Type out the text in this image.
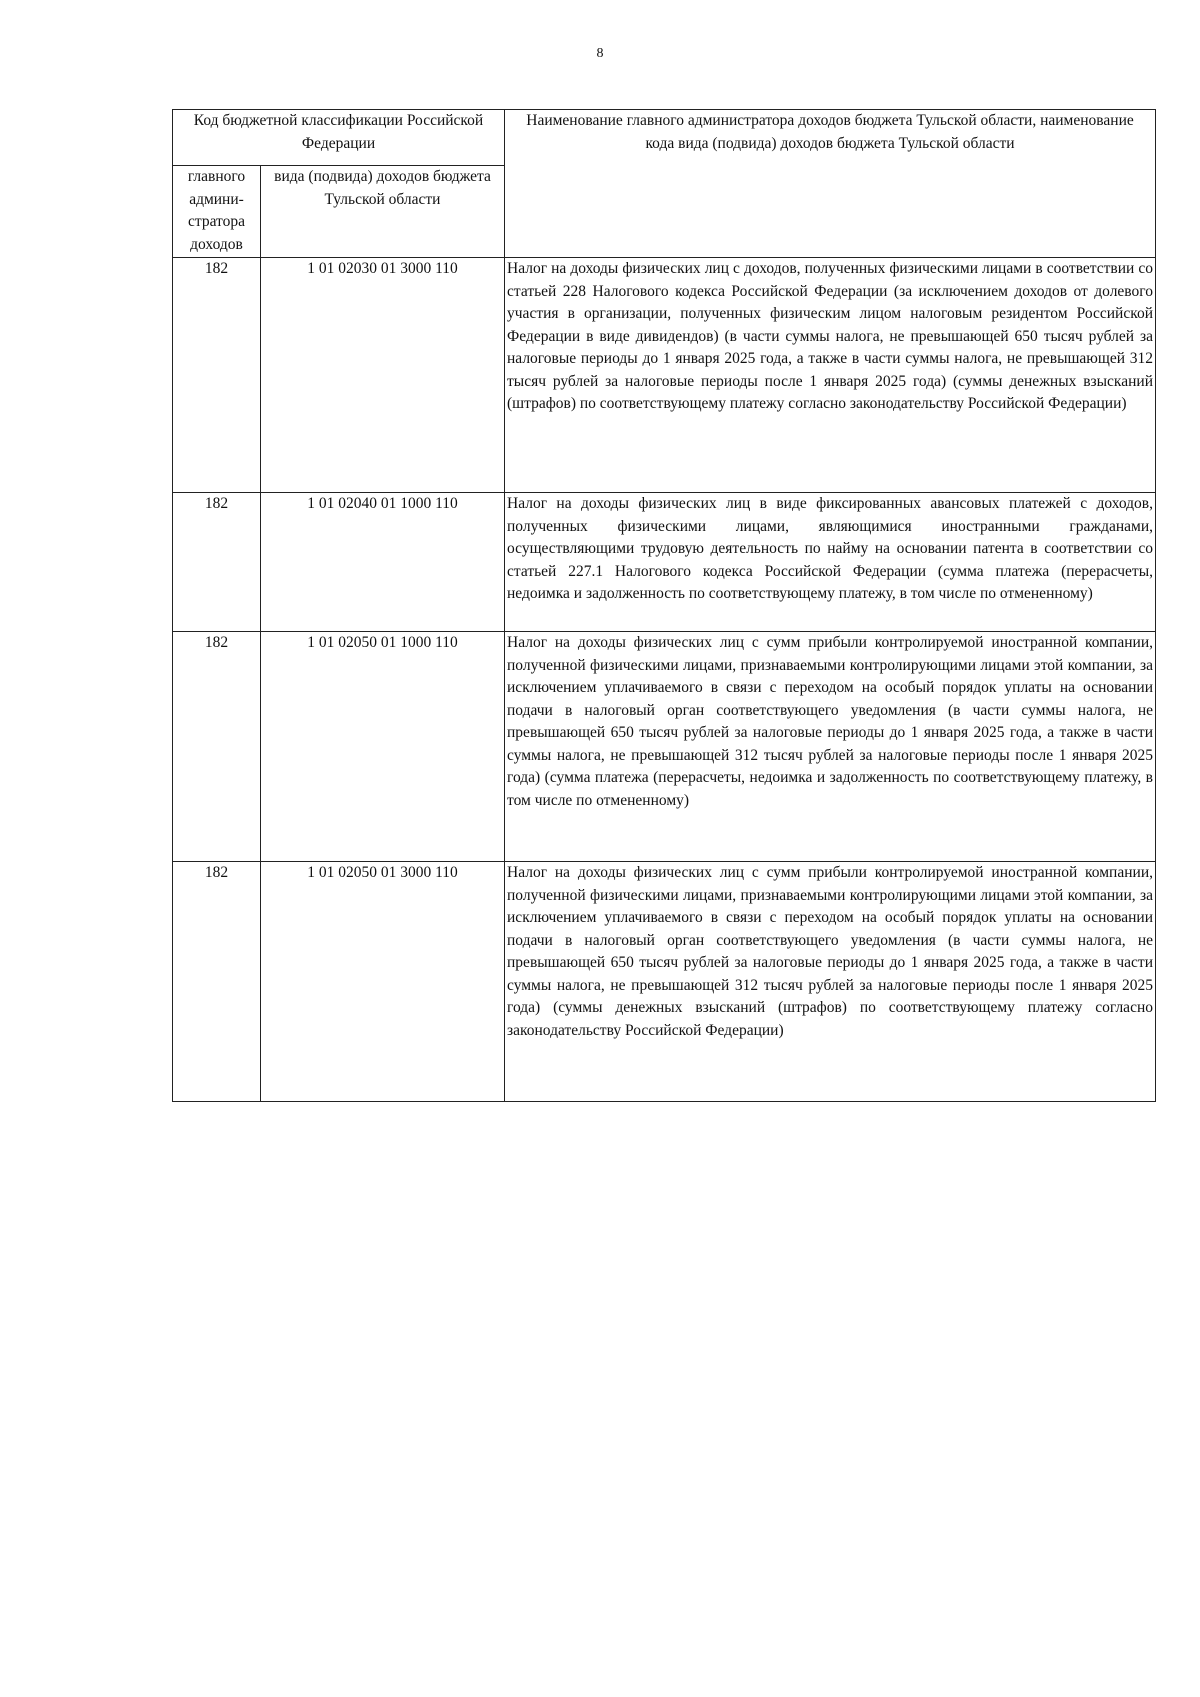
8
Код бюджетной классификации Российской Федерации		Наименование главного администратора доходов бюджета Тульской области, наименование кода вида (подвида) доходов бюджета Тульской области

главного
админи-
стратора
доходов	вида (подвида) доходов бюджета Тульской области	
182	1 01 02030 01 3000 110	Налог на доходы физических лиц с доходов, полученных физическими лицами в соответствии со статьей 228 Налогового кодекса Российской Федерации (за исключением доходов от долевого участия в организации, полученных физическим лицом налоговым резидентом Российской Федерации в виде дивидендов) (в части суммы налога, не превышающей 650 тысяч рублей за налоговые периоды до 1 января 2025 года, а также в части суммы налога, не превышающей 312 тысяч рублей за налоговые периоды после 1 января 2025 года) (суммы денежных взысканий (штрафов) по соответствующему платежу согласно законодательству Российской Федерации)
182	1 01 02040 01 1000 110	Налог на доходы физических лиц в виде фиксированных авансовых платежей с доходов, полученных физическими лицами, являющимися иностранными гражданами, осуществляющими трудовую деятельность по найму на основании патента в соответствии со статьей 227.1 Налогового кодекса Российской Федерации (сумма платежа (перерасчеты, недоимка и задолженность по соответствующему платежу, в том числе по отмененному)
182	1 01 02050 01 1000 110	Налог на доходы физических лиц с сумм прибыли контролируемой иностранной компании, полученной физическими лицами, признаваемыми контролирующими лицами этой компании, за исключением уплачиваемого в связи с переходом на особый порядок уплаты на основании подачи в налоговый орган соответствующего уведомления (в части суммы налога, не превышающей 650 тысяч рублей за налоговые периоды до 1 января 2025 года, а также в части суммы налога, не превышающей 312 тысяч рублей за налоговые периоды после 1 января 2025 года) (сумма платежа (перерасчеты, недоимка и задолженность по соответствующему платежу, в том числе по отмененному)
182	1 01 02050 01 3000 110	Налог на доходы физических лиц с сумм прибыли контролируемой иностранной компании, полученной физическими лицами, признаваемыми контролирующими лицами этой компании, за исключением уплачиваемого в связи с переходом на особый порядок уплаты на основании подачи в налоговый орган соответствующего уведомления (в части суммы налога, не превышающей 650 тысяч рублей за налоговые периоды до 1 января 2025 года, а также в части суммы налога, не превышающей 312 тысяч рублей за налоговые периоды после 1 января 2025 года) (суммы денежных взысканий (штрафов) по соответствующему платежу согласно законодательству Российской Федерации)
